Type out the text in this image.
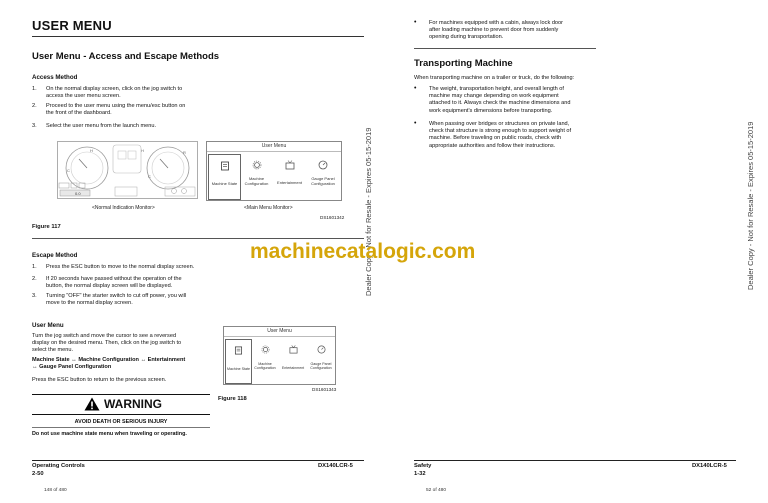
USER MENU
User Menu - Access and Escape Methods
Access Method
1. On the normal display screen, click on the jog switch to
access the user menu screen.
2. Proceed to the user menu using the menu/esc button on
the front of the dashboard.
3. Select the user menu from the launch menu.
H
C
H	R
C
0.0
User Menu
Machine State
Machine
Configuration	Entertainment
Gauge Panel
Configuration
<Normal Indication Monitor>	<Main Menu Monitor>
DS1601342
Figure 117
Escape Method
1. Press the ESC button to move to the normal display screen.
2. If 20 seconds have passed without the operation of the
button, the normal display screen will be displayed.
3. Turning "OFF" the starter switch to cut off power, you will
move to the normal display screen.
User Menu
Turn the jog switch and move the cursor to see a reversed
display on the desired menu. Then, click on the jog switch to
select the menu.
Machine State ↔ Machine Configuration ↔ Entertainment
↔ Gauge Panel Configuration
Press the ESC button to return to the previous screen.
WARNING
AVOID DEATH OR SERIOUS INJURY
Do not use machine state menu when traveling or operating.
User Menu
Machine State
Machine
Configuration	Entertainment
Gauge Panel
Configuration
DS1601343
Figure 118
Operating Controls
2-50
DX140LCR-5
148 of 480
Dealer Copy - Not for Resale - Expires 05-15-2019
machinecatalogic.com
• For machines equipped with a cabin, always lock door
after loading machine to prevent door from suddenly
opening during transportation.
Transporting Machine
When transporting machine on a trailer or truck, do the following:
• The weight, transportation height, and overall length of
machine may change depending on work equipment
attached to it. Always check the machine dimensions and
work equipment's dimensions before transporting.
• When passing over bridges or structures on private land,
check that structure is strong enough to support weight of
machine. Before traveling on public roads, check with
appropriate authorities and follow their instructions.	Dealer Copy - Not for Resale - Expires 05-15-2019
Safety
1-32
DX140LCR-5
52 of 480
